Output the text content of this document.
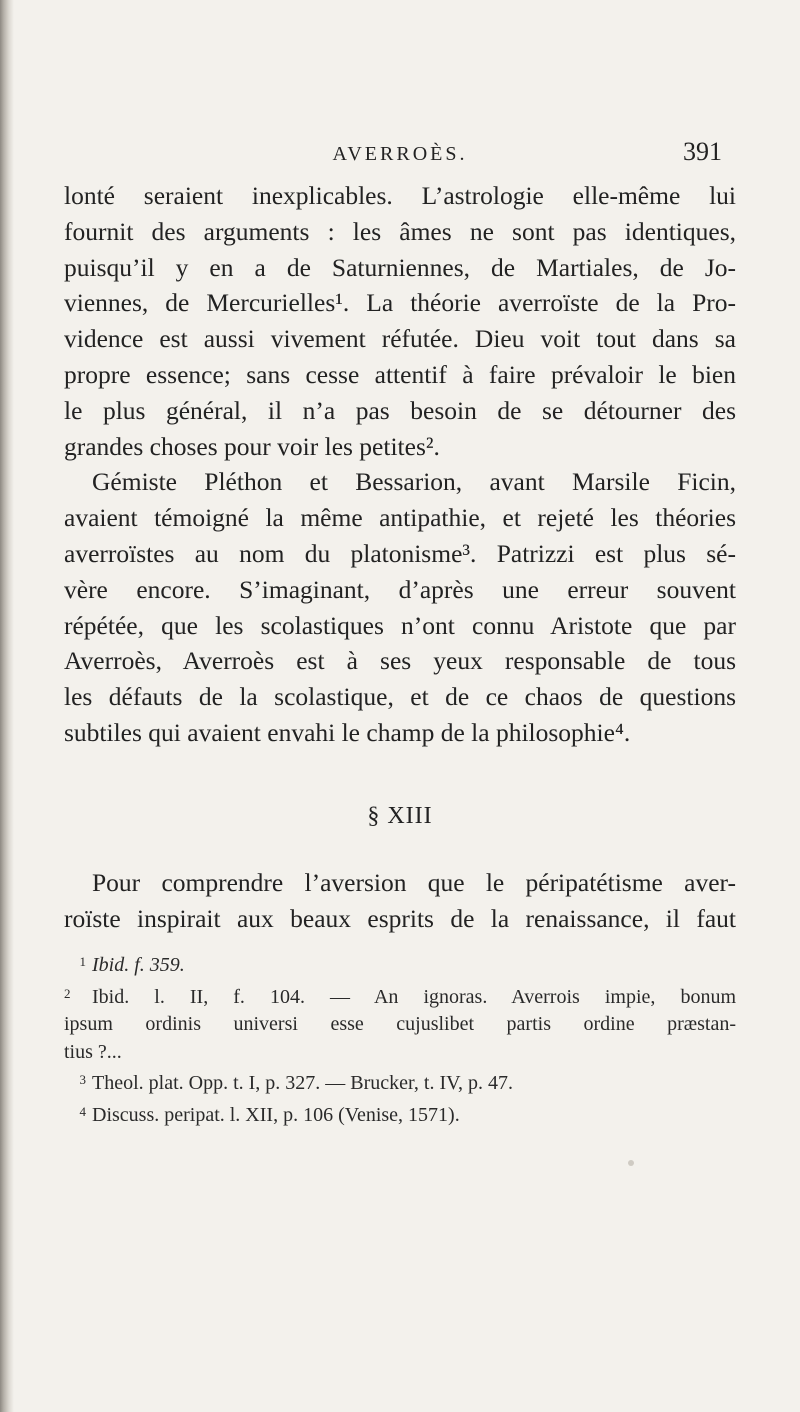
AVERROÈS.	391
lonté seraient inexplicables. L’astrologie elle-même lui
fournit des arguments : les âmes ne sont pas identiques,
puisqu’il y en a de Saturniennes, de Martiales, de Jo-
viennes, de Mercurielles¹. La théorie averroïste de la Pro-
vidence est aussi vivement réfutée. Dieu voit tout dans sa
propre essence; sans cesse attentif à faire prévaloir le bien
le plus général, il n’a pas besoin de se détourner des
grandes choses pour voir les petites².
Gémiste Pléthon et Bessarion, avant Marsile Ficin,
avaient témoigné la même antipathie, et rejeté les théories
averroïstes au nom du platonisme³. Patrizzi est plus sé-
vère encore. S’imaginant, d’après une erreur souvent
répétée, que les scolastiques n’ont connu Aristote que par
Averroès, Averroès est à ses yeux responsable de tous
les défauts de la scolastique, et de ce chaos de questions
subtiles qui avaient envahi le champ de la philosophie⁴.
§ XIII
Pour comprendre l’aversion que le péripatétisme aver-
roïste inspirait aux beaux esprits de la renaissance, il faut
1 Ibid. f. 359.
2 Ibid. l. II, f. 104. — An ignoras. Averrois impie, bonum
ipsum ordinis universi esse cujuslibet partis ordine præstan-
tius ?...
3 Theol. plat. Opp. t. I, p. 327. — Brucker, t. IV, p. 47.
4 Discuss. peripat. l. XII, p. 106 (Venise, 1571).
